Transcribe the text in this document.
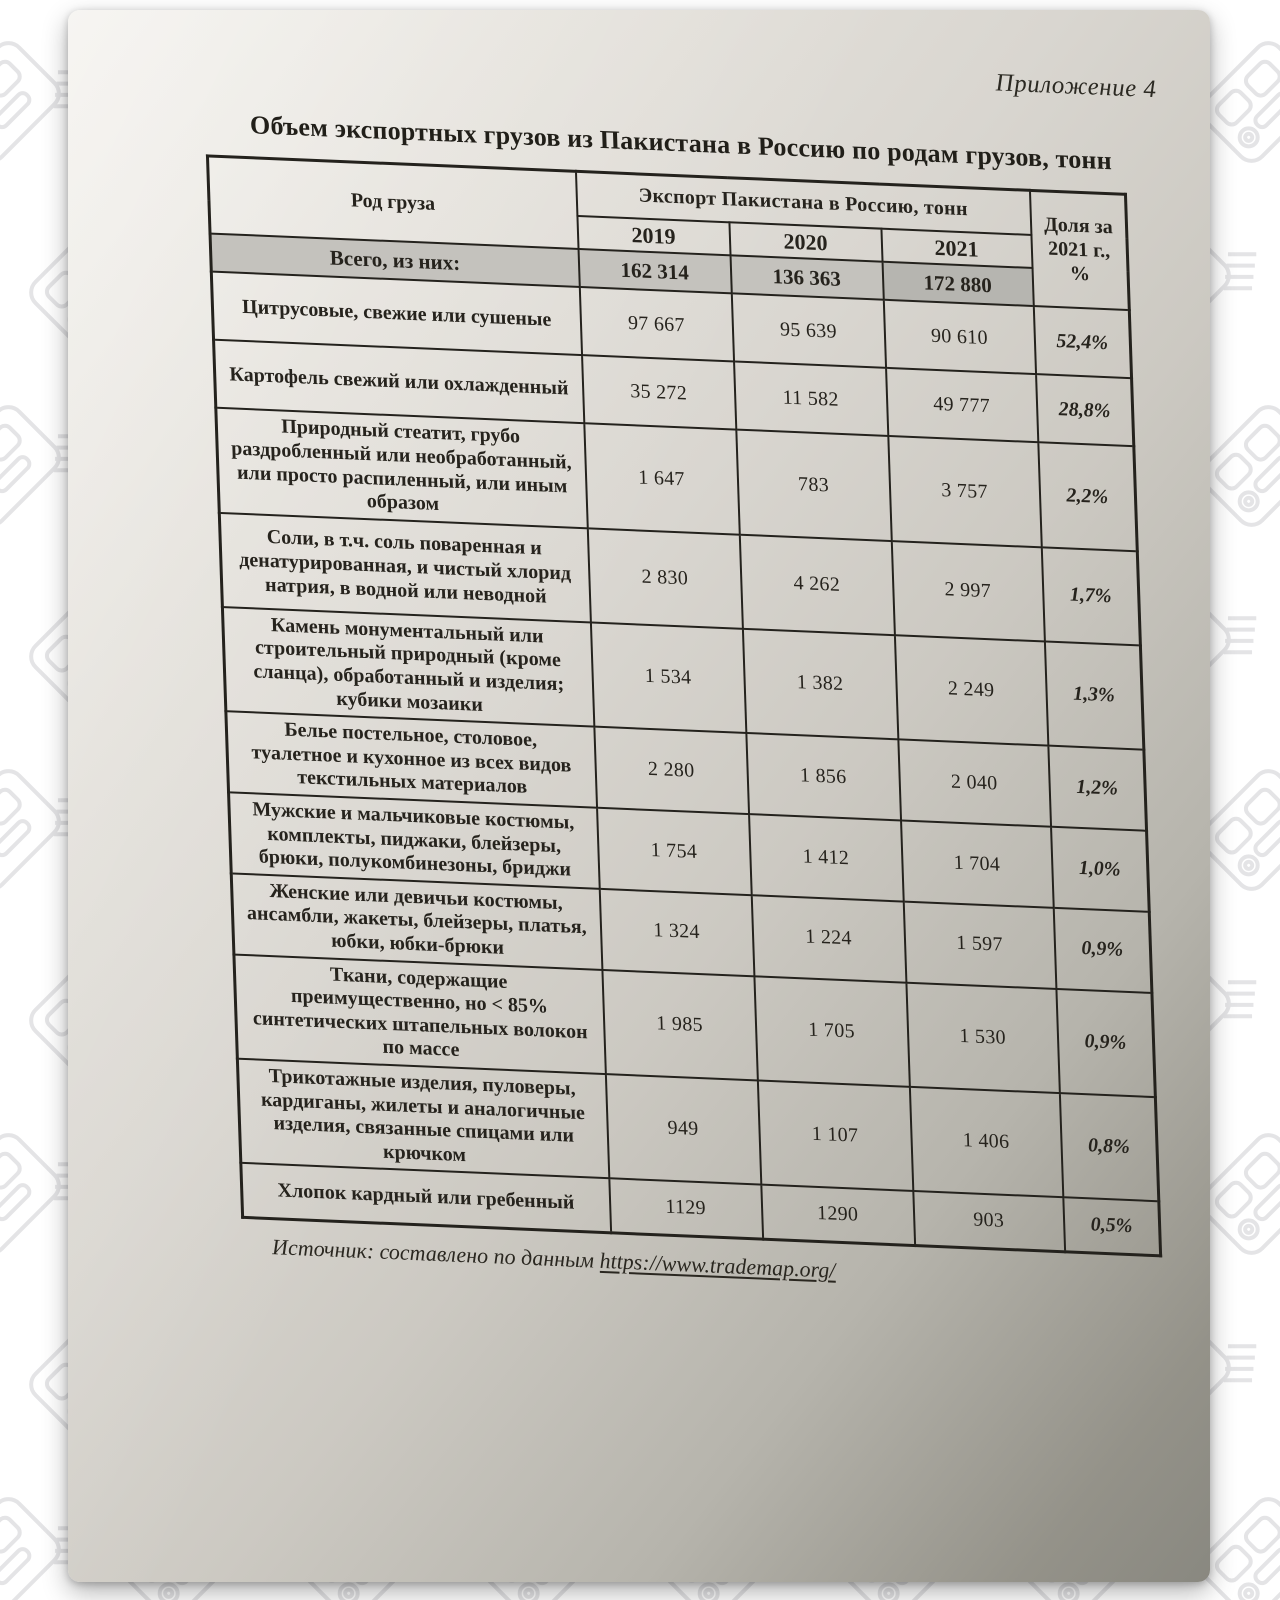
Приложение 4
Объем экспортных грузов из Пакистана в Россию по родам грузов, тонн
Род груза	Экспорт Пакистана в Россию, тонн			Доля за 2021 г., %
	2019	2020	2021	
Всего, из них:	162 314	136 363	172 880	
Цитрусовые, свежие или сушеные	97 667	95 639	90 610	52,4%
Картофель свежий или охлажденный	35 272	11 582	49 777	28,8%
Природный стеатит, грубо раздробленный или необработанный, или просто распиленный, или иным образом	1 647	783	3 757	2,2%
Соли, в т.ч. соль поваренная и денатурированная, и чистый хлорид натрия, в водной или неводной	2 830	4 262	2 997	1,7%
Камень монументальный или строительный природный (кроме сланца), обработанный и изделия; кубики мозаики	1 534	1 382	2 249	1,3%
Белье постельное, столовое, туалетное и кухонное из всех видов текстильных материалов	2 280	1 856	2 040	1,2%
Мужские и мальчиковые костюмы, комплекты, пиджаки, блейзеры, брюки, полукомбинезоны, бриджи	1 754	1 412	1 704	1,0%
Женские или девичьи костюмы, ансамбли, жакеты, блейзеры, платья, юбки, юбки-брюки	1 324	1 224	1 597	0,9%
Ткани, содержащие преимущественно, но < 85% синтетических штапельных волокон по массе	1 985	1 705	1 530	0,9%
Трикотажные изделия, пуловеры, кардиганы, жилеты и аналогичные изделия, связанные спицами или крючком	949	1 107	1 406	0,8%
Хлопок кардный или гребенный	1129	1290	903	0,5%
Источник: составлено по данным https://www.trademap.org/
